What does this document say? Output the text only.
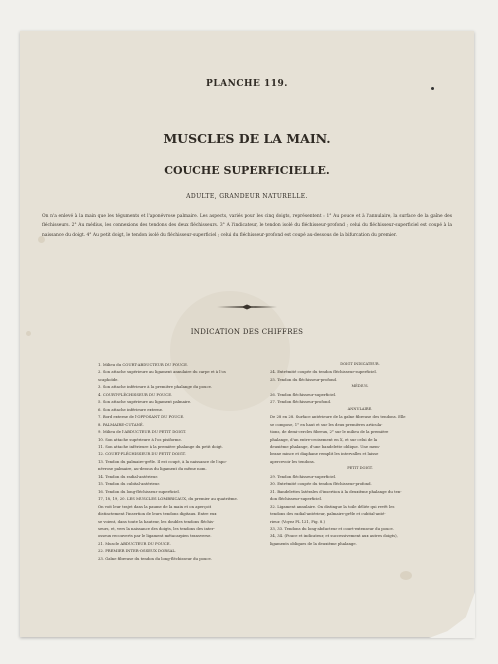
PLANCHE 119.
MUSCLES DE LA MAIN.
COUCHE SUPERFICIELLE.
ADULTE, GRANDEUR NATURELLE.
On n'a enlevé à la main que les téguments et l'aponévrose palmaire. Les aspects, variés pour les cinq doigts, représentent : 1° Au pouce et à l'annulaire, la surface de la gaîne des fléchisseurs. 2° Au médius, les connexions des tendons des deux fléchisseurs. 3° A l'indicateur, le tendon isolé du fléchisseur-profond ; celui du fléchisseur-superficiel est coupé à la naissance du doigt. 4° Au petit doigt, le tendon isolé du fléchisseur-superficiel ; celui du fléchisseur-profond est coupé au-dessous de la bifurcation du premier.
INDICATION DES CHIFFRES
1. Milieu du COURT-ABDUCTEUR DU POUCE.
2. Son attache supérieure au ligament annulaire du carpe et à l'os
scaphoïde.
3. Son attache inférieure à la première phalange du pouce.
4. COURT-FLÉCHISSEUR DU POUCE.
5. Son attache supérieure au ligament palmaire.
6. Son attache inférieure externe.
7. Bord externe de l'OPPOSANT DU POUCE.
8. PALMAIRE-CUTANÉ.
9. Milieu de l'ABDUCTEUR DU PETIT DOIGT.
10. Son attache supérieure à l'os pisiforme.
11. Son attache inférieure à la première phalange du petit doigt.
12. COURT-FLÉCHISSEUR DU PETIT DOIGT.
13. Tendon du palmaire-grêle. Il est coupé, à la naissance de l'apo-
névrose palmaire, au-dessus du ligament du même nom.
14. Tendon du radial-antérieur.
15. Tendon du cubital-antérieur.
16. Tendon du long-fléchisseur superficiel.
17, 18, 19, 20. LES MUSCLES LOMBRICAUX, du premier au quatrième.
On voit leur trajet dans la paume de la main et on aperçoit
distinctement l'insertion de leurs tendons digitaux. Entre eux
se voient, dans toute la hauteur, les doubles tendons fléchis-
seurs, et, vers la naissance des doigts, les tendons des inter-
osseux recouverts par le ligament métacarpien transverse.
21. Muscle ABDUCTEUR DU POUCE.
22. PREMIER INTER-OSSEUX DORSAL.
23. Gaîne fibreuse du tendon du long-fléchisseur du pouce.
DOIGT INDICATEUR.
24. Extrémité coupée du tendon fléchisseur-superficiel.
25. Tendon du fléchisseur-profond.
MÉDIUS.
26. Tendon fléchisseur-superficiel.
27. Tendon fléchisseur-profond.
ANNULAIRE.
De 28 en 28. Surface antérieure de la gaîne fibreuse des tendons. Elle
se compose, 1° en haut et sur les deux premières articula-
tions, de demi-cercles fibreux, 2° sur le milieu de la première
phalange, d'un entre-croisement en X, et sur celui de la
deuxième phalange, d'une bandelette oblique. Une mem-
brane mince et diaphane remplit les intervalles et laisse
apercevoir les tendons.
PETIT DOIGT.
29. Tendon fléchisseur-superficiel.
30. Extrémité coupée du tendon fléchisseur-profond.
31. Bandelettes latérales d'insertion à la deuxième phalange du ten-
don fléchisseur-superficiel.
32. Ligament annulaire. On distingue la toile déliée qui revêt les
tendons des radial-antérieur, palmaire-grêle et cubital-anté-
rieur. (Voyez PL 121, Fig. 8.)
33, 33. Tendons du long-abducteur et court-extenseur du pouce.
34, 34. (Pouce et indicateur, et successivement aux autres doigts),
ligaments obliques de la deuxième phalange.
